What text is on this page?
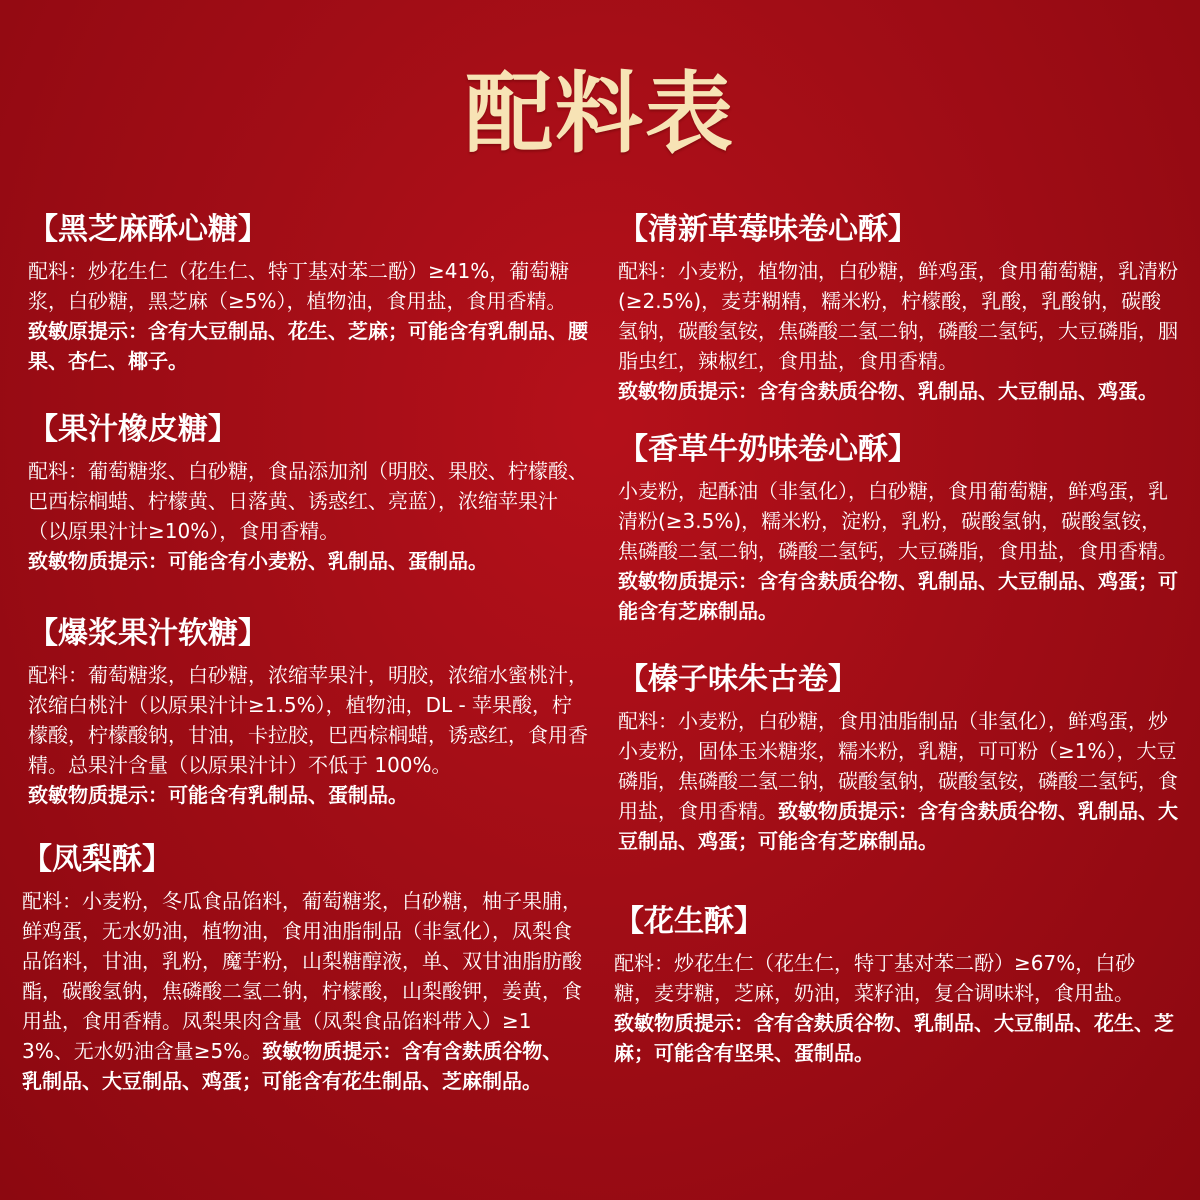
配料表
【黑芝麻酥心糖】
配料：炒花生仁（花生仁、特丁基对苯二酚）≥41%，葡萄糖浆，白砂糖，黑芝麻（≥5%），植物油，食用盐，食用香精。
致敏原提示：含有大豆制品、花生、芝麻；可能含有乳制品、腰果、杏仁、椰子。
【果汁橡皮糖】
配料：葡萄糖浆、白砂糖，食品添加剂（明胶、果胶、柠檬酸、巴西棕榈蜡、柠檬黄、日落黄、诱惑红、亮蓝），浓缩苹果汁（以原果汁计≥10%），食用香精。
致敏物质提示：可能含有小麦粉、乳制品、蛋制品。
【爆浆果汁软糖】
配料：葡萄糖浆，白砂糖，浓缩苹果汁，明胶，浓缩水蜜桃汁，浓缩白桃汁（以原果汁计≥1.5%），植物油，DL - 苹果酸，柠檬酸，柠檬酸钠，甘油，卡拉胶，巴西棕榈蜡，诱惑红，食用香精。总果汁含量（以原果汁计）不低于 100%。
致敏物质提示：可能含有乳制品、蛋制品。
【凤梨酥】
配料：小麦粉，冬瓜食品馅料，葡萄糖浆，白砂糖，柚子果脯，鲜鸡蛋，无水奶油，植物油，食用油脂制品（非氢化），凤梨食品馅料，甘油，乳粉，魔芋粉，山梨糖醇液，单、双甘油脂肪酸酯，碳酸氢钠，焦磷酸二氢二钠，柠檬酸，山梨酸钾，姜黄，食用盐，食用香精。凤梨果肉含量（凤梨食品馅料带入）≥13%、无水奶油含量≥5%。致敏物质提示：含有含麸质谷物、乳制品、大豆制品、鸡蛋；可能含有花生制品、芝麻制品。
【清新草莓味卷心酥】
配料：小麦粉，植物油，白砂糖，鲜鸡蛋，食用葡萄糖，乳清粉(≥2.5%)，麦芽糊精，糯米粉，柠檬酸，乳酸，乳酸钠，碳酸氢钠，碳酸氢铵，焦磷酸二氢二钠，磷酸二氢钙，大豆磷脂，胭脂虫红，辣椒红，食用盐，食用香精。
致敏物质提示：含有含麸质谷物、乳制品、大豆制品、鸡蛋。
【香草牛奶味卷心酥】
小麦粉，起酥油（非氢化），白砂糖，食用葡萄糖，鲜鸡蛋，乳清粉(≥3.5%)，糯米粉，淀粉，乳粉，碳酸氢钠，碳酸氢铵，焦磷酸二氢二钠，磷酸二氢钙，大豆磷脂，食用盐，食用香精。致敏物质提示：含有含麸质谷物、乳制品、大豆制品、鸡蛋；可能含有芝麻制品。
【榛子味朱古卷】
配料：小麦粉，白砂糖，食用油脂制品（非氢化），鲜鸡蛋，炒小麦粉，固体玉米糖浆，糯米粉，乳糖，可可粉（≥1%），大豆磷脂，焦磷酸二氢二钠，碳酸氢钠，碳酸氢铵，磷酸二氢钙，食用盐，食用香精。致敏物质提示：含有含麸质谷物、乳制品、大豆制品、鸡蛋；可能含有芝麻制品。
【花生酥】
配料：炒花生仁（花生仁，特丁基对苯二酚）≥67%，白砂糖，麦芽糖，芝麻，奶油，菜籽油，复合调味料，食用盐。
致敏物质提示：含有含麸质谷物、乳制品、大豆制品、花生、芝麻；可能含有坚果、蛋制品。
